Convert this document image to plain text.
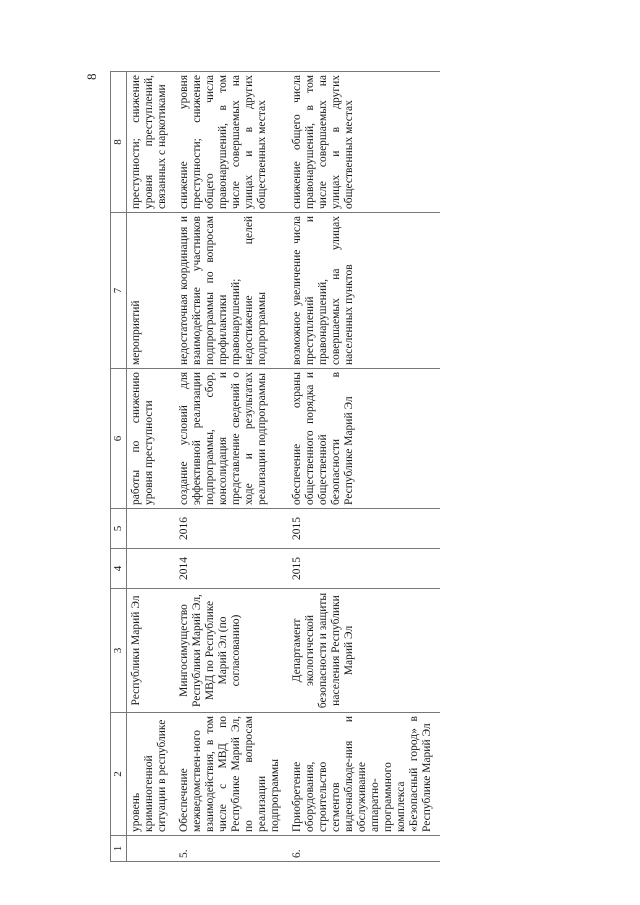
8
1	2	3	4	5	6	7	8
	уровень криминогенной ситуации в республике	Республики Марий Эл			работы по снижению уровня преступности	мероприятий	преступности; снижение уровня преступлений, связанных с наркотиками
5.	Обеспечение межведомствен-ного взаимодействия, в том числе с МВД по Республике Марий Эл, по вопросам реализации подпрограммы	Мингосимущество Республики Марий Эл, МВД по Республике Марий Эл (по согласованию)	2014	2016	создание условий для эффективной реализации подпрограммы, сбор, консолидация и представление сведений о ходе и результатах реализации подпрограммы	недостаточная координация и взаимодействие участников подпрограммы по вопросам профилактики правонарушений; недостижение целей подпрограммы	снижение уровня преступности; снижение общего числа правонарушений, в том числе совершаемых на улицах и в других общественных местах
6.	Приобретение оборудования, строительство сегментов видеонаблюде-ния и обслуживание аппаратно-программного комплекса «Безопасный город» в Республике Марий Эл	Департамент экологической безопасности и защиты населения Республики Марий Эл	2015	2015	обеспечение охраны общественного порядка и общественной безопасности в Республике Марий Эл	возможное увеличение числа преступлений и правонарушений, совершаемых на улицах населенных пунктов	снижение общего числа правонарушений, в том числе совершаемых на улицах и в других общественных местах
